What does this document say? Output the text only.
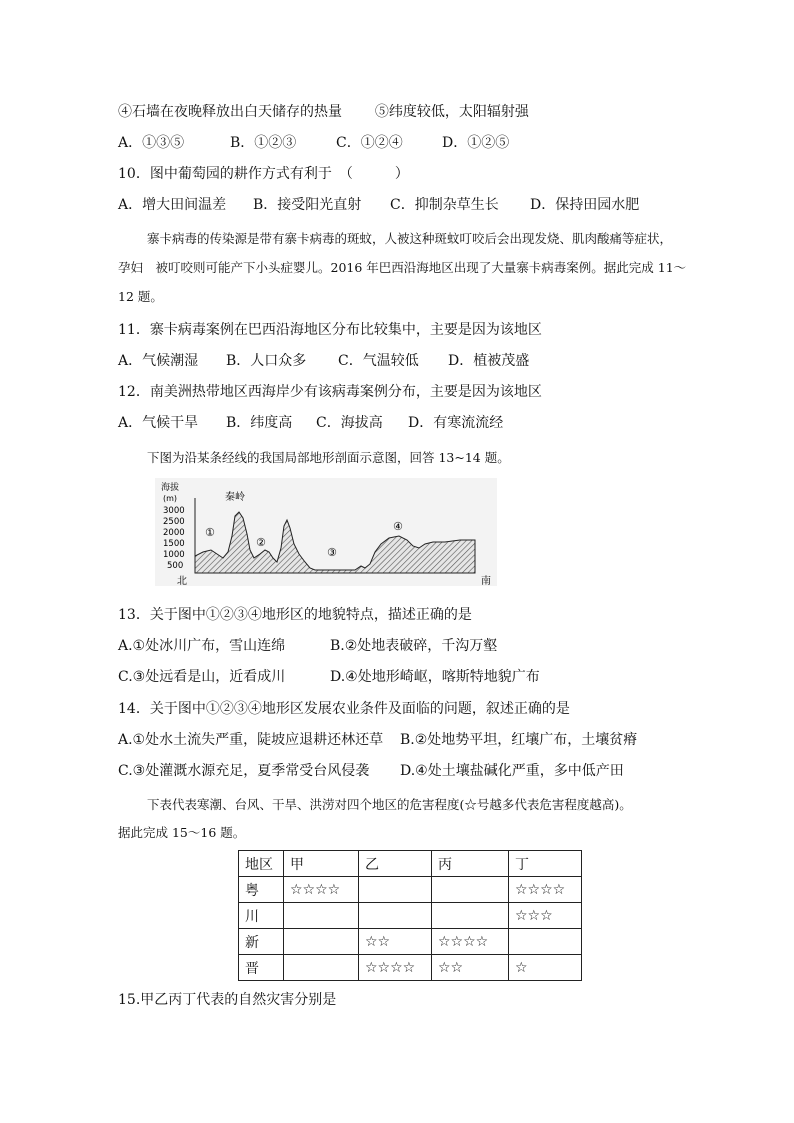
④石墙在夜晚释放出白天储存的热量 ⑤纬度较低，太阳辐射强
A．①③⑤	B．①②③	C．①②④	D．①②⑤
10．图中葡萄园的耕作方式有利于　（　　　）
A．增大田间温差 B．接受阳光直射 C．抑制杂草生长 D．保持田园水肥
寨卡病毒的传染源是带有寨卡病毒的斑蚊，人被这种斑蚊叮咬后会出现发烧、肌肉酸痛等症状，
孕妇　被叮咬则可能产下小头症婴儿。2016 年巴西沿海地区出现了大量寨卡病毒案例。据此完成 11～
12 题。
11．寨卡病毒案例在巴西沿海地区分布比较集中，主要是因为该地区
A．气候潮湿 B．人口众多 C．气温较低 D．植被茂盛
12．南美洲热带地区西海岸少有该病毒案例分布，主要是因为该地区
A．气候干旱 B．纬度高 C．海拔高 D．有寒流流经
下图为沿某条经线的我国局部地形剖面示意图，回答 13~14 题。
海拔
(m)
3000
2500
2000
1500
1000
500
秦岭
①
②
③
④
北	南
13．关于图中①②③④地形区的地貌特点，描述正确的是
A.①处冰川广布，雪山连绵	B.②处地表破碎，千沟万壑
C.③处远看是山，近看成川	D.④处地形崎岖，喀斯特地貌广布
14．关于图中①②③④地形区发展农业条件及面临的问题，叙述正确的是
A.①处水土流失严重，陡坡应退耕还林还草 B.②处地势平坦，红壤广布，土壤贫瘠
C.③处灌溉水源充足，夏季常受台风侵袭 D.④处土壤盐碱化严重，多中低产田
下表代表寒潮、台风、干旱、洪涝对四个地区的危害程度(☆号越多代表危害程度越高)。
据此完成 15～16 题。
地区	甲	乙	丙	丁
粤	☆☆☆☆			☆☆☆☆
川				☆☆☆
新		☆☆	☆☆☆☆	
晋		☆☆☆☆	☆☆	☆
15.甲乙丙丁代表的自然灾害分别是
